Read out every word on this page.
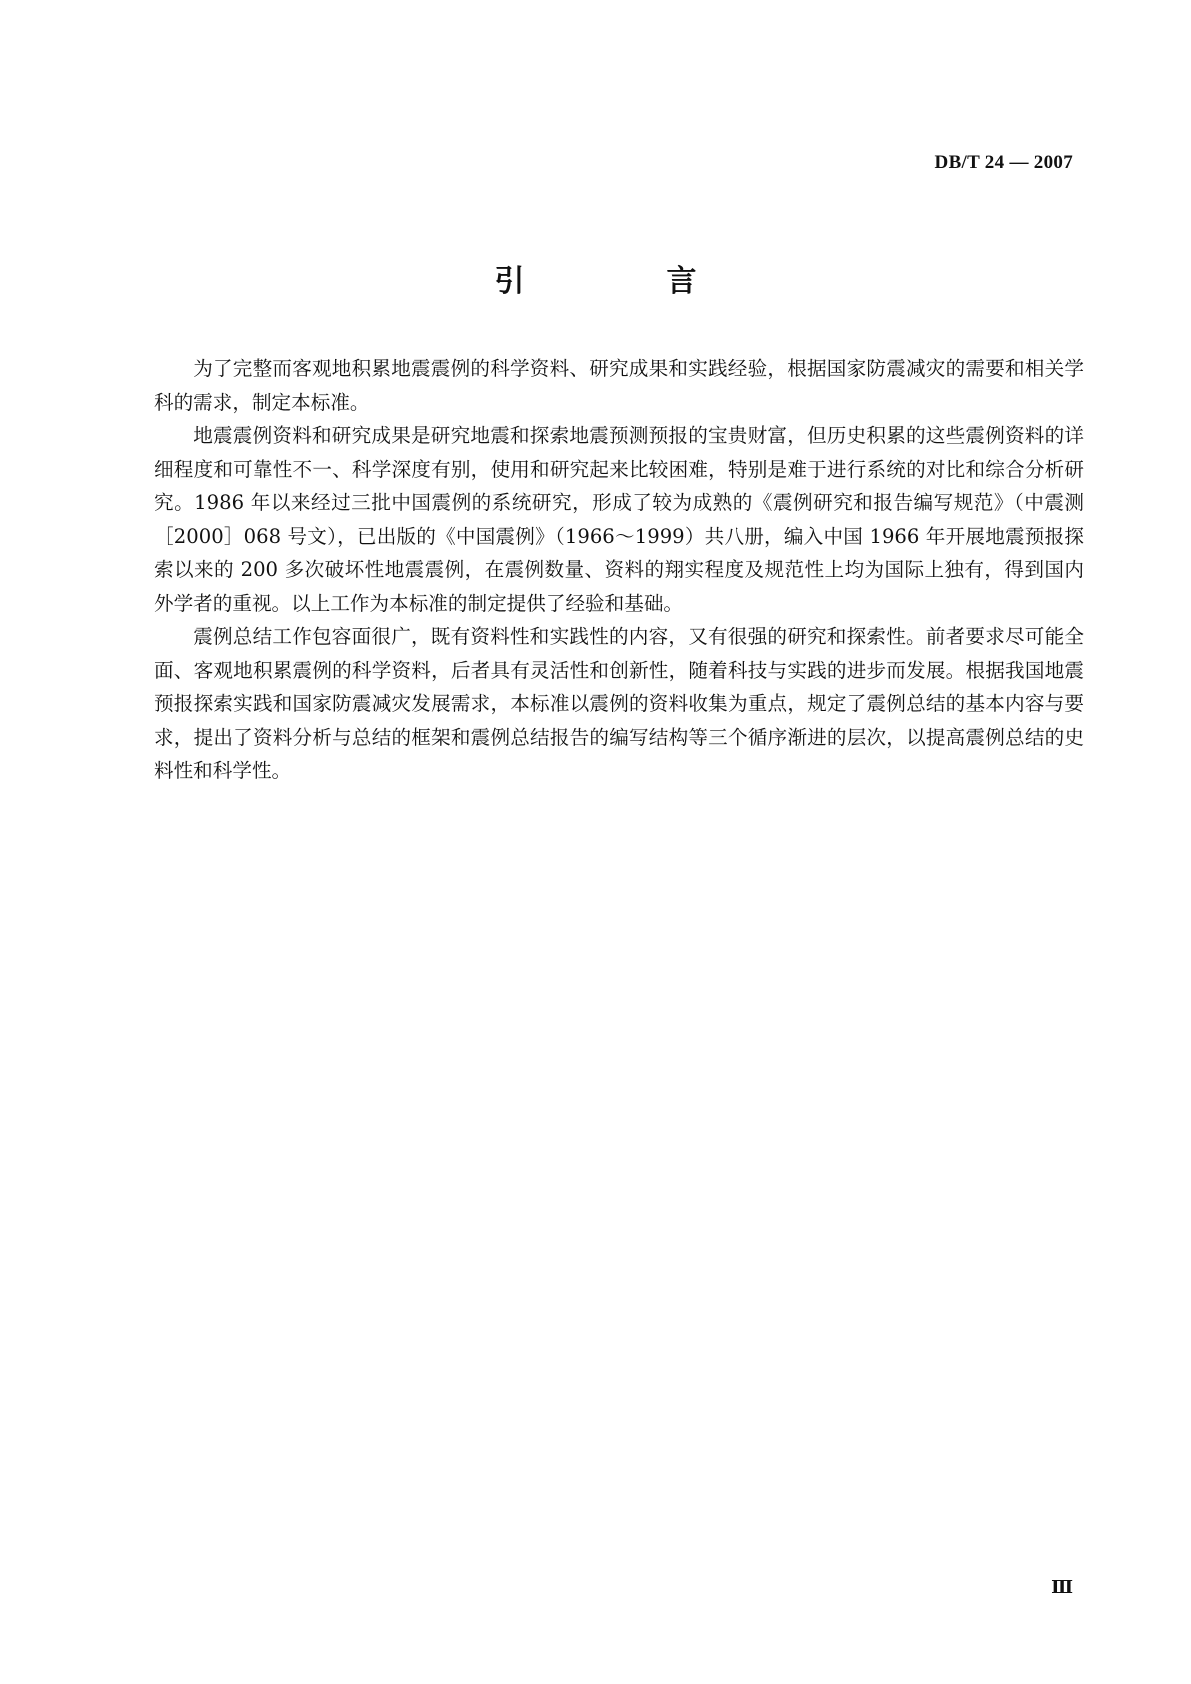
DB/T 24 — 2007
引　言

为了完整而客观地积累地震震例的科学资料、研究成果和实践经验，根据国家防震减灾的需要和相关学科的需求，制定本标准。

地震震例资料和研究成果是研究地震和探索地震预测预报的宝贵财富，但历史积累的这些震例资料的详细程度和可靠性不一、科学深度有别，使用和研究起来比较困难，特别是难于进行系统的对比和综合分析研究。1986 年以来经过三批中国震例的系统研究，形成了较为成熟的《震例研究和报告编写规范》（中震测［2000］068 号文），已出版的《中国震例》（1966～1999）共八册，编入中国 1966 年开展地震预报探索以来的 200 多次破坏性地震震例，在震例数量、资料的翔实程度及规范性上均为国际上独有，得到国内外学者的重视。以上工作为本标准的制定提供了经验和基础。

震例总结工作包容面很广，既有资料性和实践性的内容，又有很强的研究和探索性。前者要求尽可能全面、客观地积累震例的科学资料，后者具有灵活性和创新性，随着科技与实践的进步而发展。根据我国地震预报探索实践和国家防震减灾发展需求，本标准以震例的资料收集为重点，规定了震例总结的基本内容与要求，提出了资料分析与总结的框架和震例总结报告的编写结构等三个循序渐进的层次，以提高震例总结的史料性和科学性。

Ⅲ
